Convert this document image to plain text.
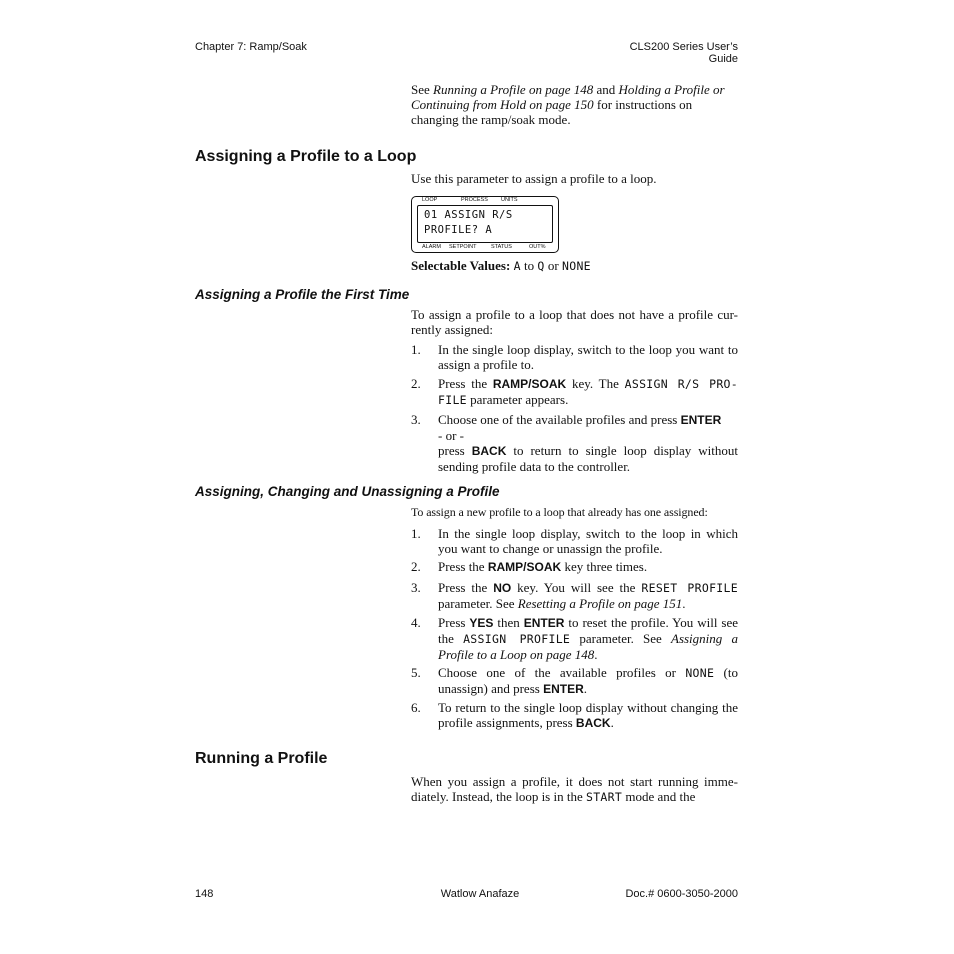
Chapter 7: Ramp/Soak	CLS200 Series User’s Guide
See Running a Profile on page 148 and Holding a Profile or Continuing from Hold on page 150 for instructions on changing the ramp/soak mode.
Assigning a Profile to a Loop
Use this parameter to assign a profile to a loop.
LOOP	PROCESS UNITS
01 ASSIGN R/S
PROFILE? A
ALARM SETPOINT	STATUS	OUT%
Selectable Values: A to Q or NONE
Assigning a Profile the First Time
To assign a profile to a loop that does not have a profile cur-rently assigned:
1. In the single loop display, switch to the loop you want to assign a profile to.
2. Press the RAMP/SOAK key. The ASSIGN R/S PRO-FILE parameter appears.
3. Choose one of the available profiles and press ENTER
- or -
press BACK to return to single loop display without sending profile data to the controller.
Assigning, Changing and Unassigning a Profile
To assign a new profile to a loop that already has one assigned:
1. In the single loop display, switch to the loop in which you want to change or unassign the profile.
2. Press the RAMP/SOAK key three times.
3. Press the NO key. You will see the RESET PROFILE parameter. See Resetting a Profile on page 151.
4. Press YES then ENTER to reset the profile. You will see the ASSIGN PROFILE parameter. See Assigning a Profile to a Loop on page 148.
5. Choose one of the available profiles or NONE (to unassign) and press ENTER.
6. To return to the single loop display without changing the profile assignments, press BACK.
Running a Profile
When you assign a profile, it does not start running imme-diately. Instead, the loop is in the START mode and the
148	Watlow Anafaze	Doc.# 0600-3050-2000
